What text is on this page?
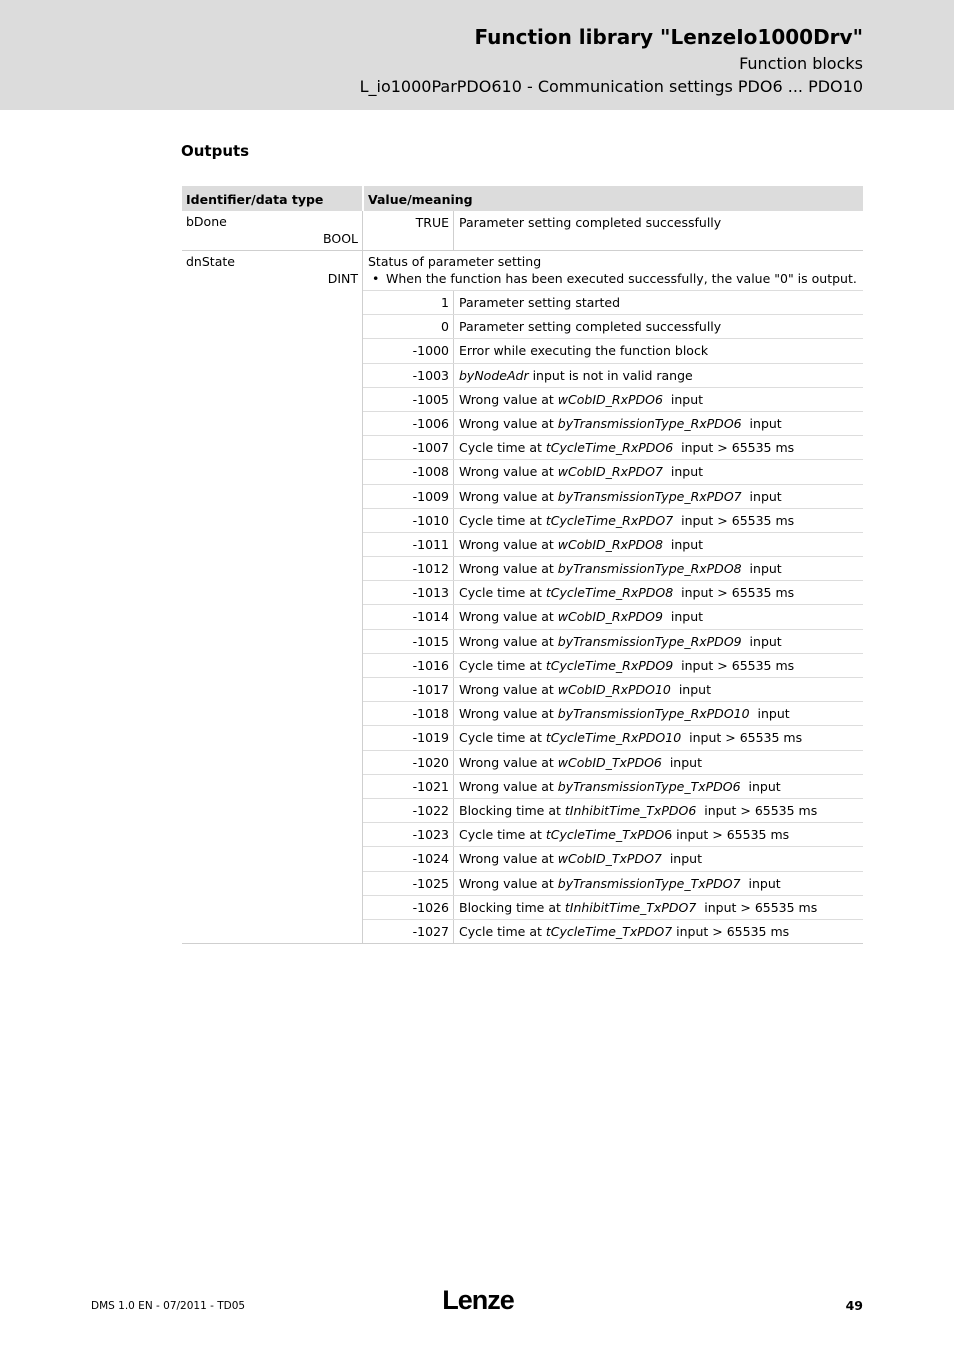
Function library "LenzeIo1000Drv"
Function blocks
L_io1000ParPDO610 - Communication settings PDO6 ... PDO10
Outputs
Identifier/data type	Value/meaning
bDone
BOOL
TRUE Parameter setting completed successfully
dnState
DINT
Status of parameter setting
• When the function has been executed successfully, the value "0" is output.
1 Parameter setting started
0 Parameter setting completed successfully
-1000 Error while executing the function block
-1003 byNodeAdr input is not in valid range
-1005 Wrong value at wCobID_RxPDO6  input
-1006 Wrong value at byTransmissionType_RxPDO6  input
-1007 Cycle time at tCycleTime_RxPDO6  input > 65535 ms
-1008 Wrong value at wCobID_RxPDO7  input
-1009 Wrong value at byTransmissionType_RxPDO7  input
-1010 Cycle time at tCycleTime_RxPDO7  input > 65535 ms
-1011 Wrong value at wCobID_RxPDO8  input
-1012 Wrong value at byTransmissionType_RxPDO8  input
-1013 Cycle time at tCycleTime_RxPDO8  input > 65535 ms
-1014 Wrong value at wCobID_RxPDO9  input
-1015 Wrong value at byTransmissionType_RxPDO9  input
-1016 Cycle time at tCycleTime_RxPDO9  input > 65535 ms
-1017 Wrong value at wCobID_RxPDO10  input
-1018 Wrong value at byTransmissionType_RxPDO10  input
-1019 Cycle time at tCycleTime_RxPDO10  input > 65535 ms
-1020 Wrong value at wCobID_TxPDO6  input
-1021 Wrong value at byTransmissionType_TxPDO6  input
-1022 Blocking time at tInhibitTime_TxPDO6  input > 65535 ms
-1023 Cycle time at tCycleTime_TxPDO6 input > 65535 ms
-1024 Wrong value at wCobID_TxPDO7  input
-1025 Wrong value at byTransmissionType_TxPDO7  input
-1026 Blocking time at tInhibitTime_TxPDO7  input > 65535 ms
-1027 Cycle time at tCycleTime_TxPDO7 input > 65535 ms
DMS 1.0 EN - 07/2011 - TD05	Lenze	49
